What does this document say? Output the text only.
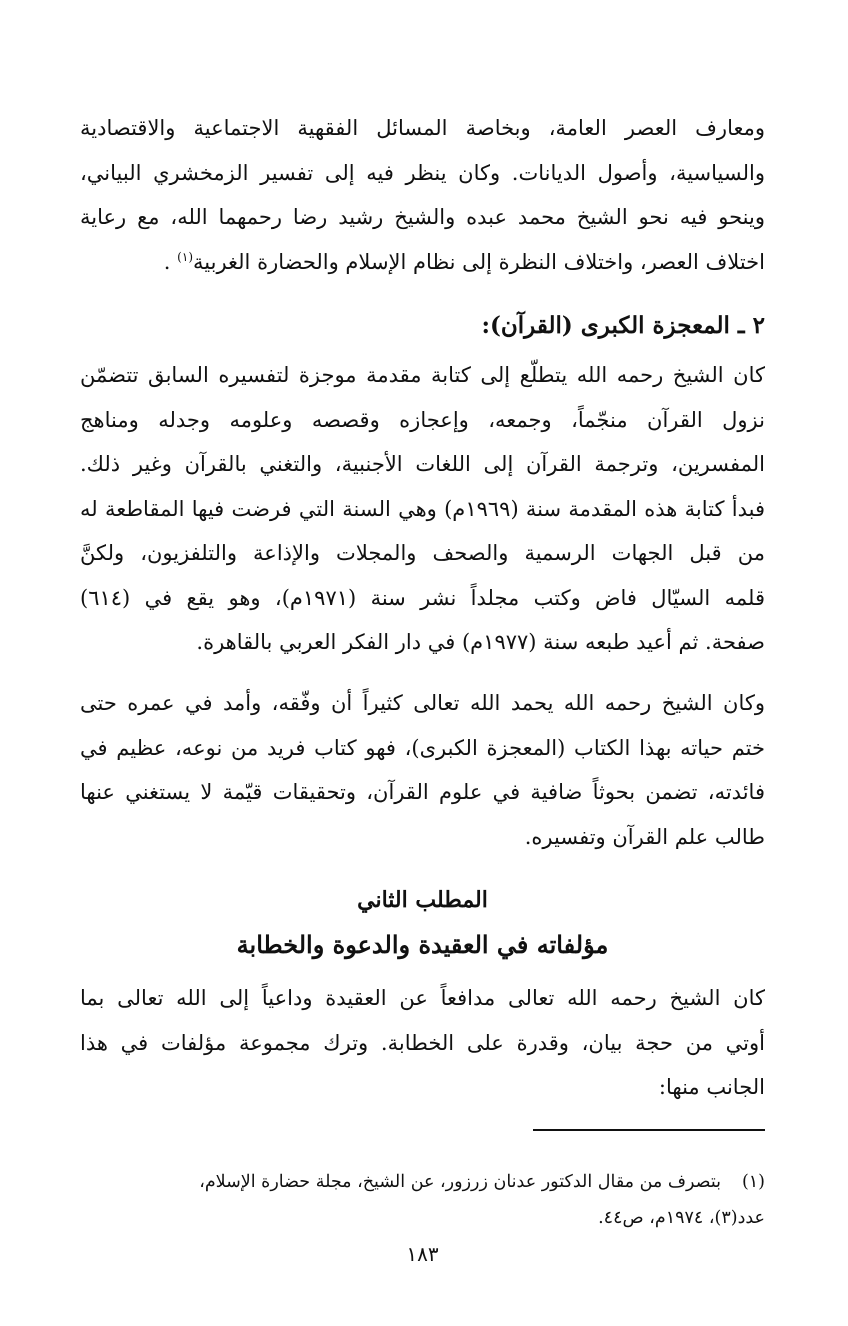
ومعارف العصر العامة، وبخاصة المسائل الفقهية الاجتماعية والاقتصادية
والسياسية، وأصول الديانات. وكان ينظر فيه إلى تفسير الزمخشري البياني،
وينحو فيه نحو الشيخ محمد عبده والشيخ رشيد رضا رحمهما الله، مع رعاية
اختلاف العصر، واختلاف النظرة إلى نظام الإسلام والحضارة الغربية$^{(١)}$ .

٢ ـ المعجزة الكبرى (القرآن):

كان الشيخ رحمه الله يتطلّع إلى كتابة مقدمة موجزة لتفسيره السابق تتضمّن
نزول القرآن منجّماً، وجمعه، وإعجازه وقصصه وعلومه وجدله ومناهج
المفسرين، وترجمة القرآن إلى اللغات الأجنبية، والتغني بالقرآن وغير ذلك.
فبدأ كتابة هذه المقدمة سنة (١٩٦٩م) وهي السنة التي فرضت فيها المقاطعة له
من قبل الجهات الرسمية والصحف والمجلات والإذاعة والتلفزيون، ولكنَّ
قلمه السيّال فاض وكتب مجلداً نشر سنة (١٩٧١م)، وهو يقع في (٦١٤)
صفحة. ثم أعيد طبعه سنة (١٩٧٧م) في دار الفكر العربي بالقاهرة.

وكان الشيخ رحمه الله يحمد الله تعالى كثيراً أن وفّقه، وأمد في عمره حتى
ختم حياته بهذا الكتاب (المعجزة الكبرى)، فهو كتاب فريد من نوعه، عظيم في
فائدته، تضمن بحوثاً ضافية في علوم القرآن، وتحقيقات قيّمة لا يستغني عنها
طالب علم القرآن وتفسيره.

المطلب الثاني
مؤلفاته في العقيدة والدعوة والخطابة

كان الشيخ رحمه الله تعالى مدافعاً عن العقيدة وداعياً إلى الله تعالى بما
أوتي من حجة بيان، وقدرة على الخطابة. وترك مجموعة مؤلفات في هذا
الجانب منها:

(١)بتصرف من مقال الدكتور عدنان زرزور، عن الشيخ، مجلة حضارة الإسلام،
عدد(٣)، ١٩٧٤م، ص٤٤.

١٨٣
